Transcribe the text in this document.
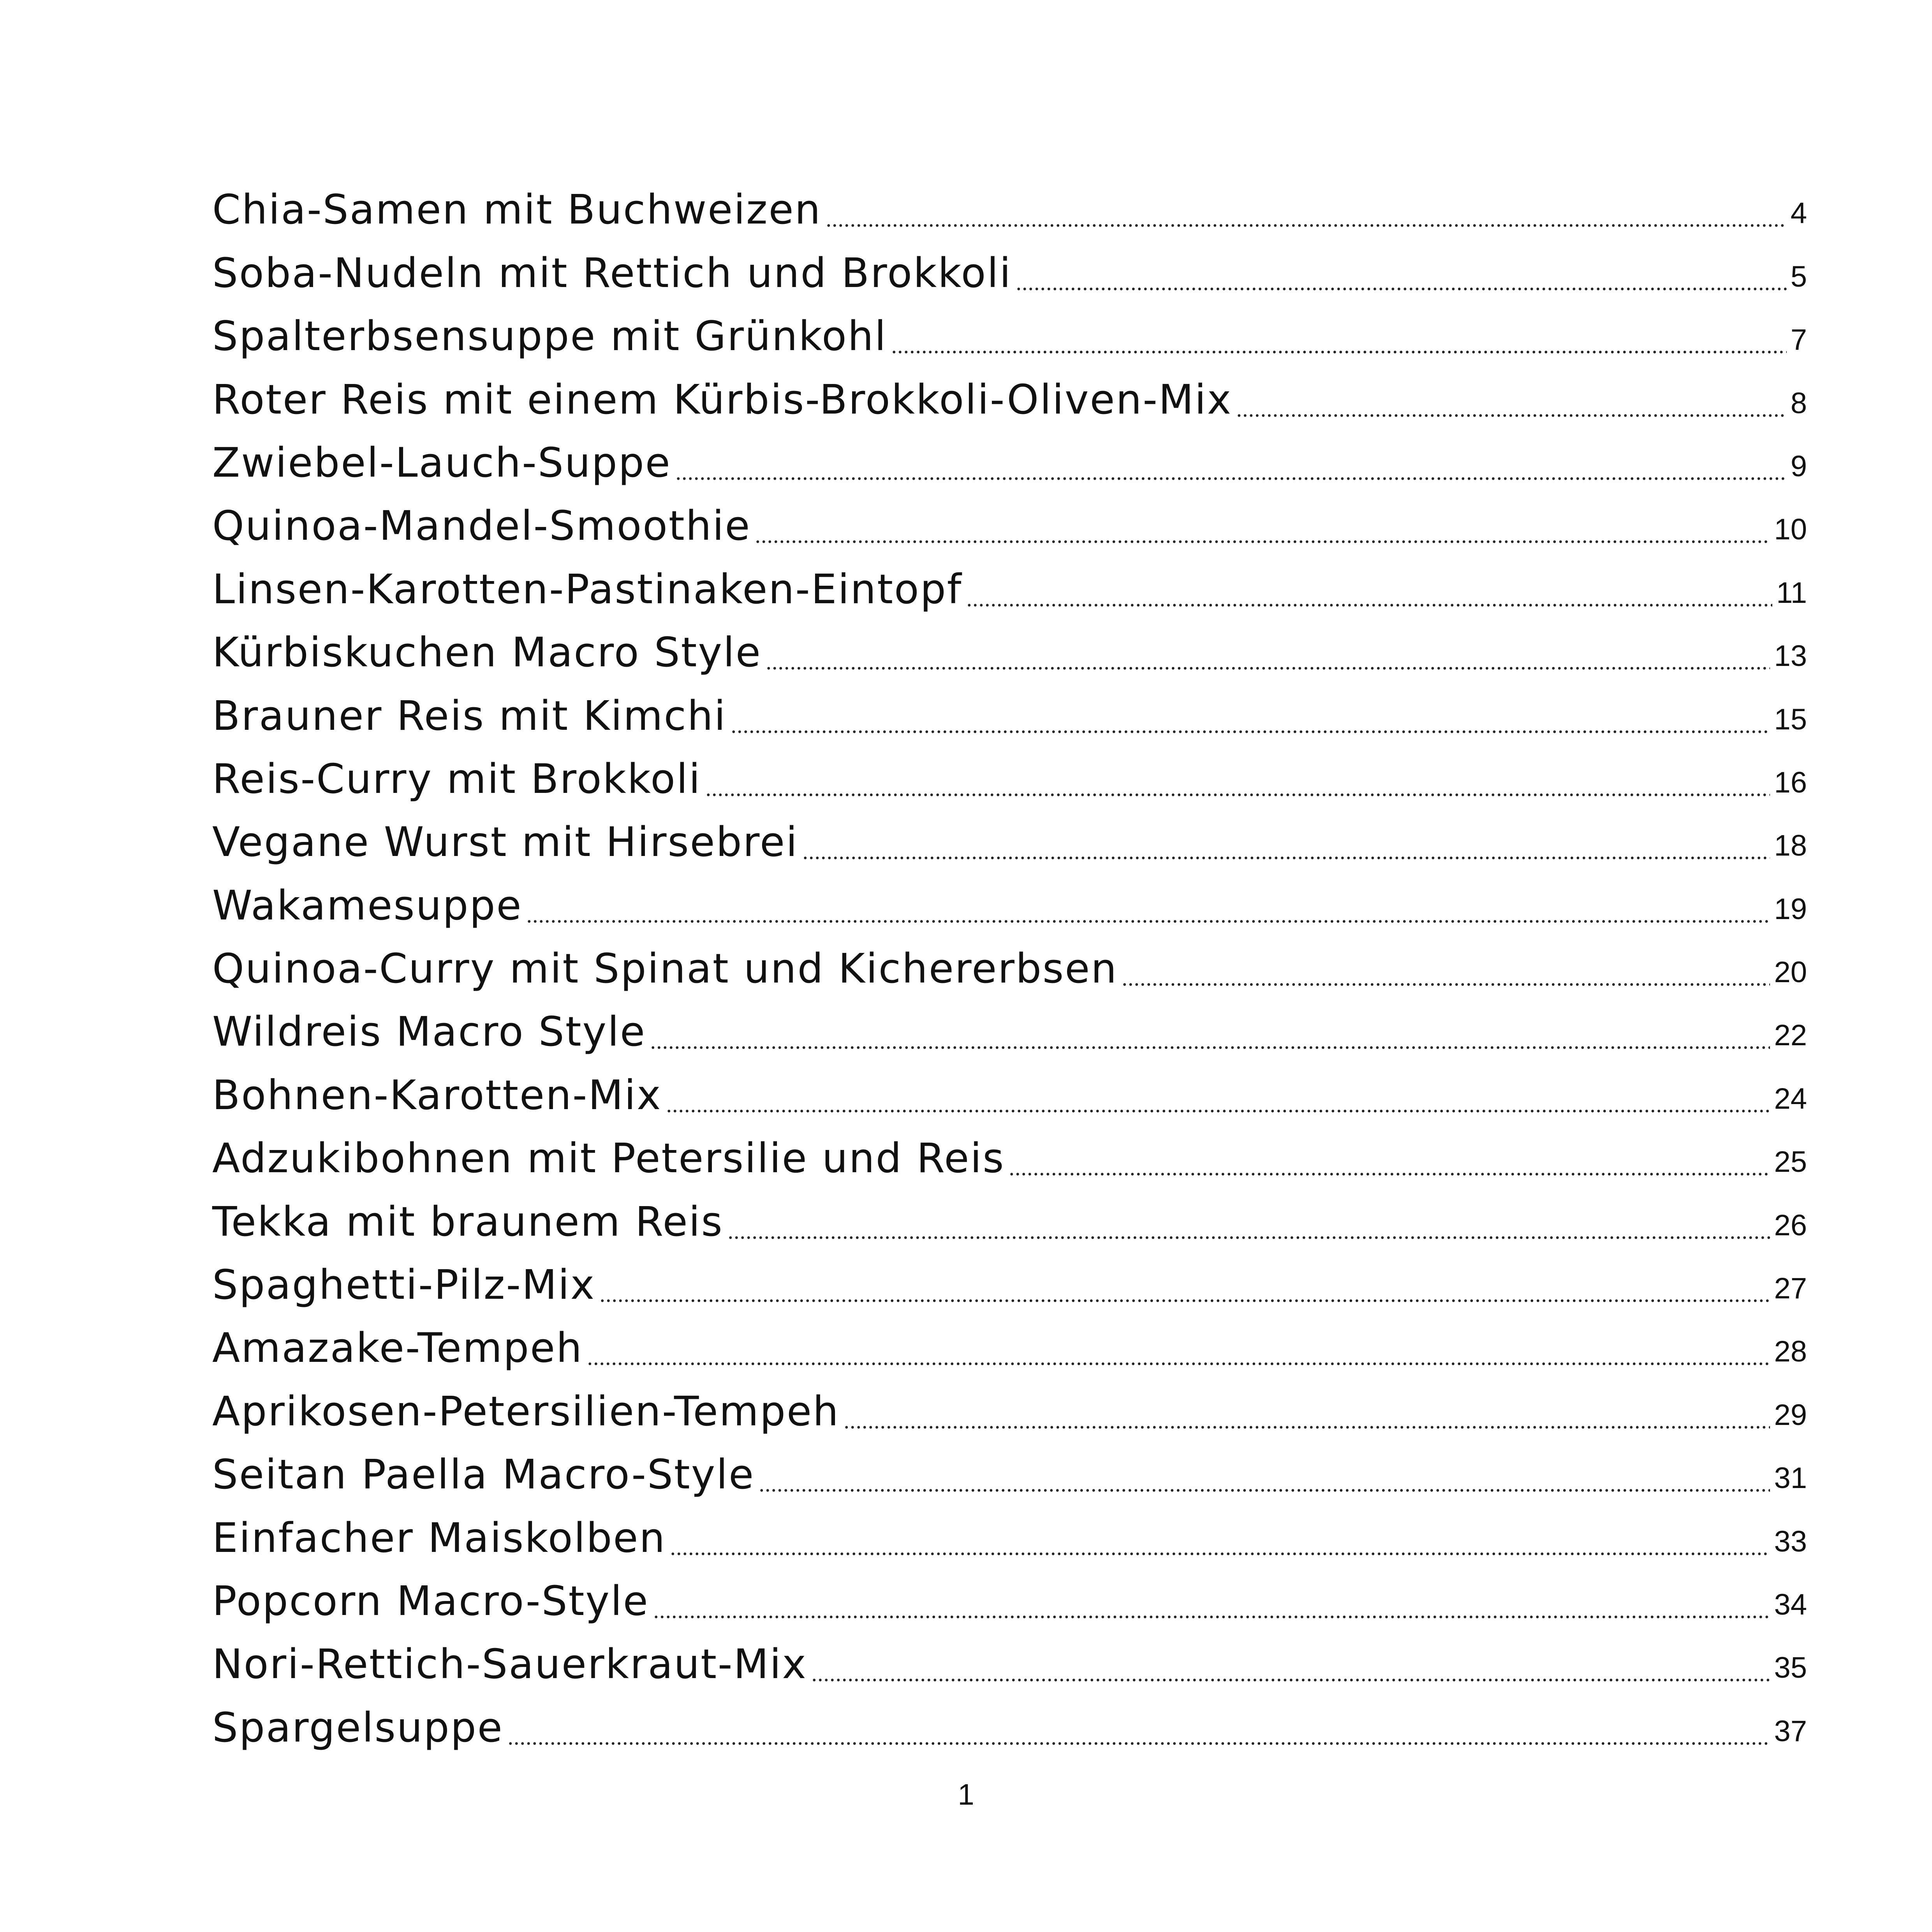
Chia-Samen mit Buchweizen	4
Soba-Nudeln mit Rettich und Brokkoli	5
Spalterbsensuppe mit Grünkohl	7
Roter Reis mit einem Kürbis-Brokkoli-Oliven-Mix	8
Zwiebel-Lauch-Suppe	9
Quinoa-Mandel-Smoothie	10
Linsen-Karotten-Pastinaken-Eintopf	11
Kürbiskuchen Macro Style	13
Brauner Reis mit Kimchi	15
Reis-Curry mit Brokkoli	16
Vegane Wurst mit Hirsebrei	18
Wakamesuppe	19
Quinoa-Curry mit Spinat und Kichererbsen	20
Wildreis Macro Style	22
Bohnen-Karotten-Mix	24
Adzukibohnen mit Petersilie und Reis	25
Tekka mit braunem Reis	26
Spaghetti-Pilz-Mix	27
Amazake-Tempeh	28
Aprikosen-Petersilien-Tempeh	29
Seitan Paella Macro-Style	31
Einfacher Maiskolben	33
Popcorn Macro-Style	34
Nori-Rettich-Sauerkraut-Mix	35
Spargelsuppe	37
1
